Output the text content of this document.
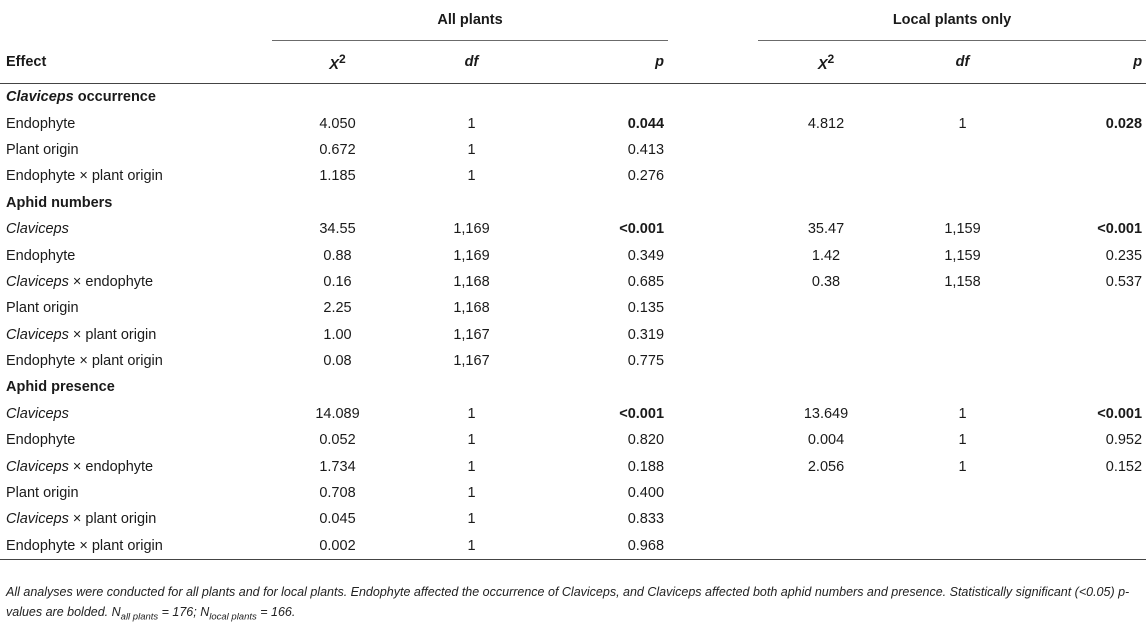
	All plants				Local plants only		
Effect	$X^2$	df	p		$X^2$	df	p
Claviceps occurrence							
Endophyte	4.050	1	0.044		4.812	1	0.028
Plant origin	0.672	1	0.413				
Endophyte × plant origin	1.185	1	0.276				
Aphid numbers							
Claviceps	34.55	1,169	<0.001		35.47	1,159	<0.001
Endophyte	0.88	1,169	0.349		1.42	1,159	0.235
Claviceps × endophyte	0.16	1,168	0.685		0.38	1,158	0.537
Plant origin	2.25	1,168	0.135				
Claviceps × plant origin	1.00	1,167	0.319				
Endophyte × plant origin	0.08	1,167	0.775				
Aphid presence							
Claviceps	14.089	1	<0.001		13.649	1	<0.001
Endophyte	0.052	1	0.820		0.004	1	0.952
Claviceps × endophyte	1.734	1	0.188		2.056	1	0.152
Plant origin	0.708	1	0.400				
Claviceps × plant origin	0.045	1	0.833				
Endophyte × plant origin	0.002	1	0.968				
All analyses were conducted for all plants and for local plants. Endophyte affected the occurrence of Claviceps, and Claviceps affected both aphid numbers and presence. Statistically significant (<0.05) p-values are bolded. $N_{all plants} = 176$; $N_{local plants} = 166$.
